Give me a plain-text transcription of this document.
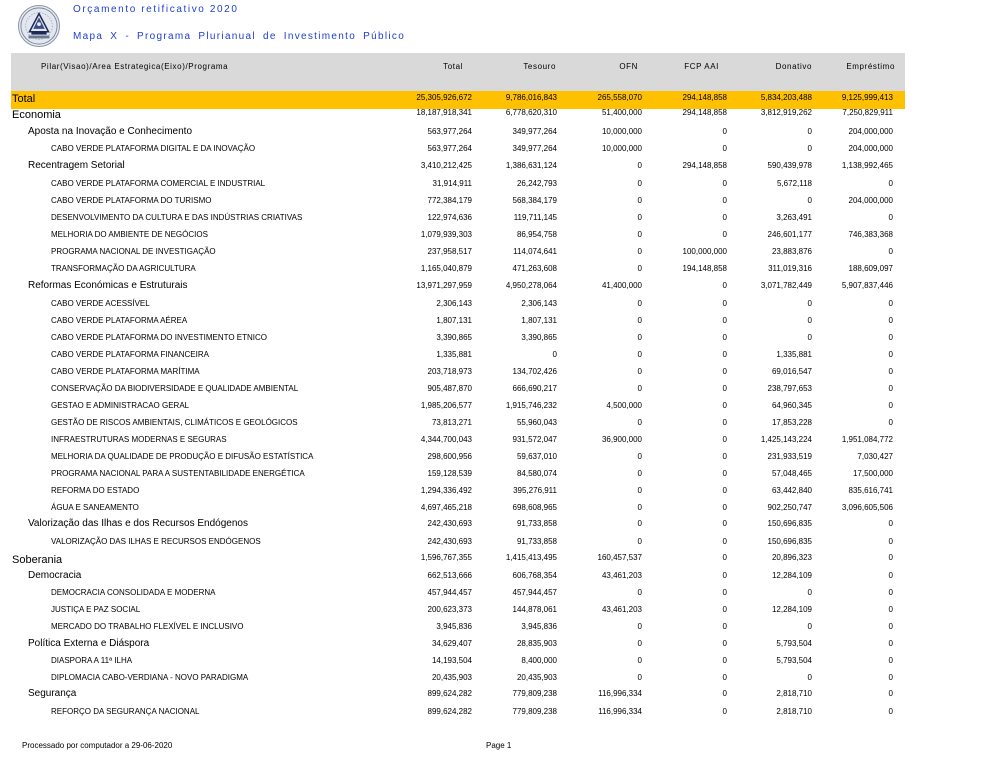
Orçamento retificativo 2020
Mapa X - Programa Plurianual de Investimento Público
Pilar(Visao)/Area Estrategica(Eixo)/Programa	Total	Tesouro	OFN	FCP AAI	Donativo	Empréstimo
Total	25,305,926,672	9,786,016,843	265,558,070	294,148,858	5,834,203,488	9,125,999,413
Economia	18,187,918,341	6,778,620,310	51,400,000	294,148,858	3,812,919,262	7,250,829,911
Aposta na Inovação e Conhecimento	563,977,264	349,977,264	10,000,000	0	0	204,000,000
CABO VERDE PLATAFORMA DIGITAL E DA INOVAÇÃO	563,977,264	349,977,264	10,000,000	0	0	204,000,000
Recentragem Setorial	3,410,212,425	1,386,631,124	0	294,148,858	590,439,978	1,138,992,465
CABO VERDE PLATAFORMA COMERCIAL E INDUSTRIAL	31,914,911	26,242,793	0	0	5,672,118	0
CABO VERDE PLATAFORMA DO TURISMO	772,384,179	568,384,179	0	0	0	204,000,000
DESENVOLVIMENTO DA CULTURA E DAS INDÚSTRIAS CRIATIVAS	122,974,636	119,711,145	0	0	3,263,491	0
MELHORIA DO AMBIENTE DE NEGÓCIOS	1,079,939,303	86,954,758	0	0	246,601,177	746,383,368
PROGRAMA NACIONAL DE INVESTIGAÇÃO	237,958,517	114,074,641	0	100,000,000	23,883,876	0
TRANSFORMAÇÃO DA AGRICULTURA	1,165,040,879	471,263,608	0	194,148,858	311,019,316	188,609,097
Reformas Económicas e Estruturais	13,971,297,959	4,950,278,064	41,400,000	0	3,071,782,449	5,907,837,446
CABO VERDE ACESSÍVEL	2,306,143	2,306,143	0	0	0	0
CABO VERDE PLATAFORMA AÉREA	1,807,131	1,807,131	0	0	0	0
CABO VERDE PLATAFORMA DO INVESTIMENTO ETNICO	3,390,865	3,390,865	0	0	0	0
CABO VERDE PLATAFORMA FINANCEIRA	1,335,881	0	0	0	1,335,881	0
CABO VERDE PLATAFORMA MARÍTIMA	203,718,973	134,702,426	0	0	69,016,547	0
CONSERVAÇÃO DA BIODIVERSIDADE E QUALIDADE AMBIENTAL	905,487,870	666,690,217	0	0	238,797,653	0
GESTAO E ADMINISTRACAO GERAL	1,985,206,577	1,915,746,232	4,500,000	0	64,960,345	0
GESTÃO DE RISCOS AMBIENTAIS, CLIMÁTICOS E GEOLÓGICOS	73,813,271	55,960,043	0	0	17,853,228	0
INFRAESTRUTURAS MODERNAS E SEGURAS	4,344,700,043	931,572,047	36,900,000	0	1,425,143,224	1,951,084,772
MELHORIA DA QUALIDADE DE PRODUÇÃO E DIFUSÃO ESTATÍSTICA	298,600,956	59,637,010	0	0	231,933,519	7,030,427
PROGRAMA NACIONAL PARA A SUSTENTABILIDADE ENERGÉTICA	159,128,539	84,580,074	0	0	57,048,465	17,500,000
REFORMA DO ESTADO	1,294,336,492	395,276,911	0	0	63,442,840	835,616,741
ÁGUA E SANEAMENTO	4,697,465,218	698,608,965	0	0	902,250,747	3,096,605,506
Valorização das Ilhas e dos Recursos Endógenos	242,430,693	91,733,858	0	0	150,696,835	0
VALORIZAÇÃO DAS ILHAS E RECURSOS ENDÓGENOS	242,430,693	91,733,858	0	0	150,696,835	0
Soberania	1,596,767,355	1,415,413,495	160,457,537	0	20,896,323	0
Democracia	662,513,666	606,768,354	43,461,203	0	12,284,109	0
DEMOCRACIA CONSOLIDADA E MODERNA	457,944,457	457,944,457	0	0	0	0
JUSTIÇA E PAZ SOCIAL	200,623,373	144,878,061	43,461,203	0	12,284,109	0
MERCADO DO TRABALHO FLEXÍVEL E INCLUSIVO	3,945,836	3,945,836	0	0	0	0
Política Externa e Diáspora	34,629,407	28,835,903	0	0	5,793,504	0
DIASPORA A 11ª ILHA	14,193,504	8,400,000	0	0	5,793,504	0
DIPLOMACIA CABO-VERDIANA - NOVO PARADIGMA	20,435,903	20,435,903	0	0	0	0
Segurança	899,624,282	779,809,238	116,996,334	0	2,818,710	0
REFORÇO DA SEGURANÇA NACIONAL	899,624,282	779,809,238	116,996,334	0	2,818,710	0
Processado por computador a 29-06-2020	Page 1
